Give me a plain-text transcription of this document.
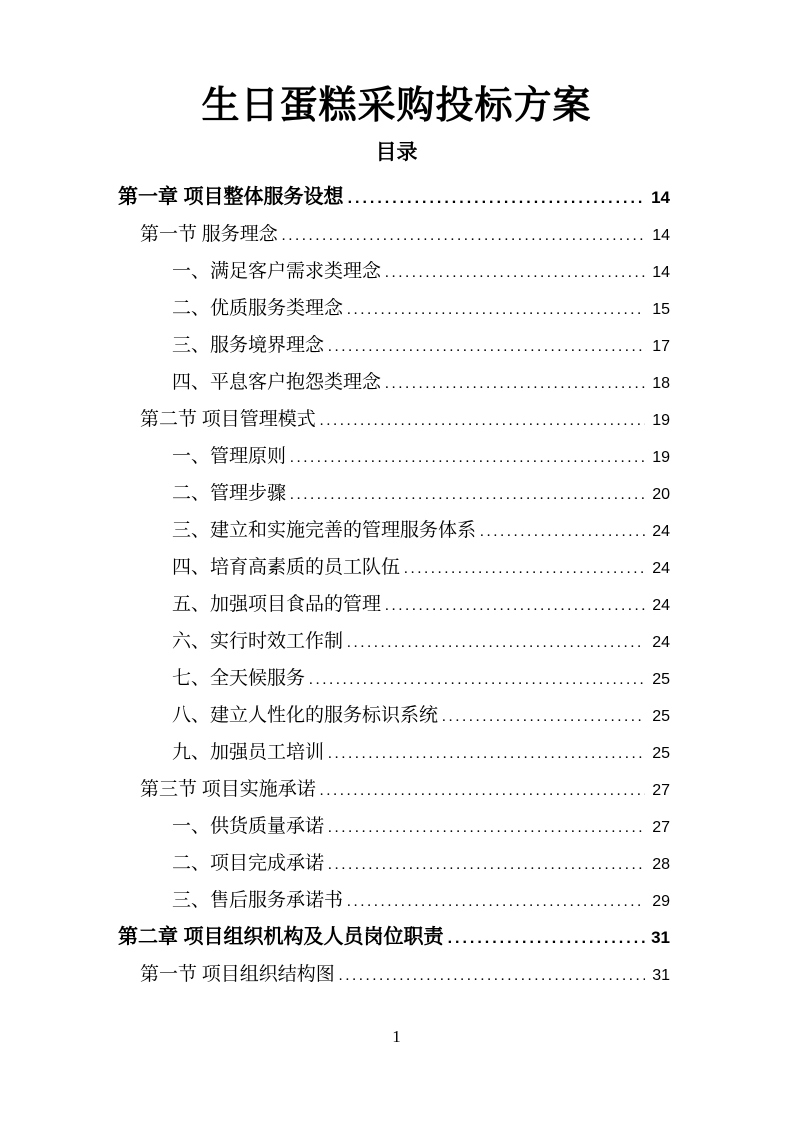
生日蛋糕采购投标方案
目录
第一章 项目整体服务设想 .....	14
第一节 服务理念 .....	14
一、满足客户需求类理念 .....	14
二、优质服务类理念 .....	15
三、服务境界理念 .....	17
四、平息客户抱怨类理念 .....	18
第二节 项目管理模式 .....	19
一、管理原则 .....	19
二、管理步骤 .....	20
三、建立和实施完善的管理服务体系 .....	24
四、培育高素质的员工队伍 .....	24
五、加强项目食品的管理 .....	24
六、实行时效工作制 .....	24
七、全天候服务 .....	25
八、建立人性化的服务标识系统 .....	25
九、加强员工培训 .....	25
第三节 项目实施承诺 .....	27
一、供货质量承诺 .....	27
二、项目完成承诺 .....	28
三、售后服务承诺书 .....	29
第二章 项目组织机构及人员岗位职责 .....	31
第一节 项目组织结构图 .....	31
1
